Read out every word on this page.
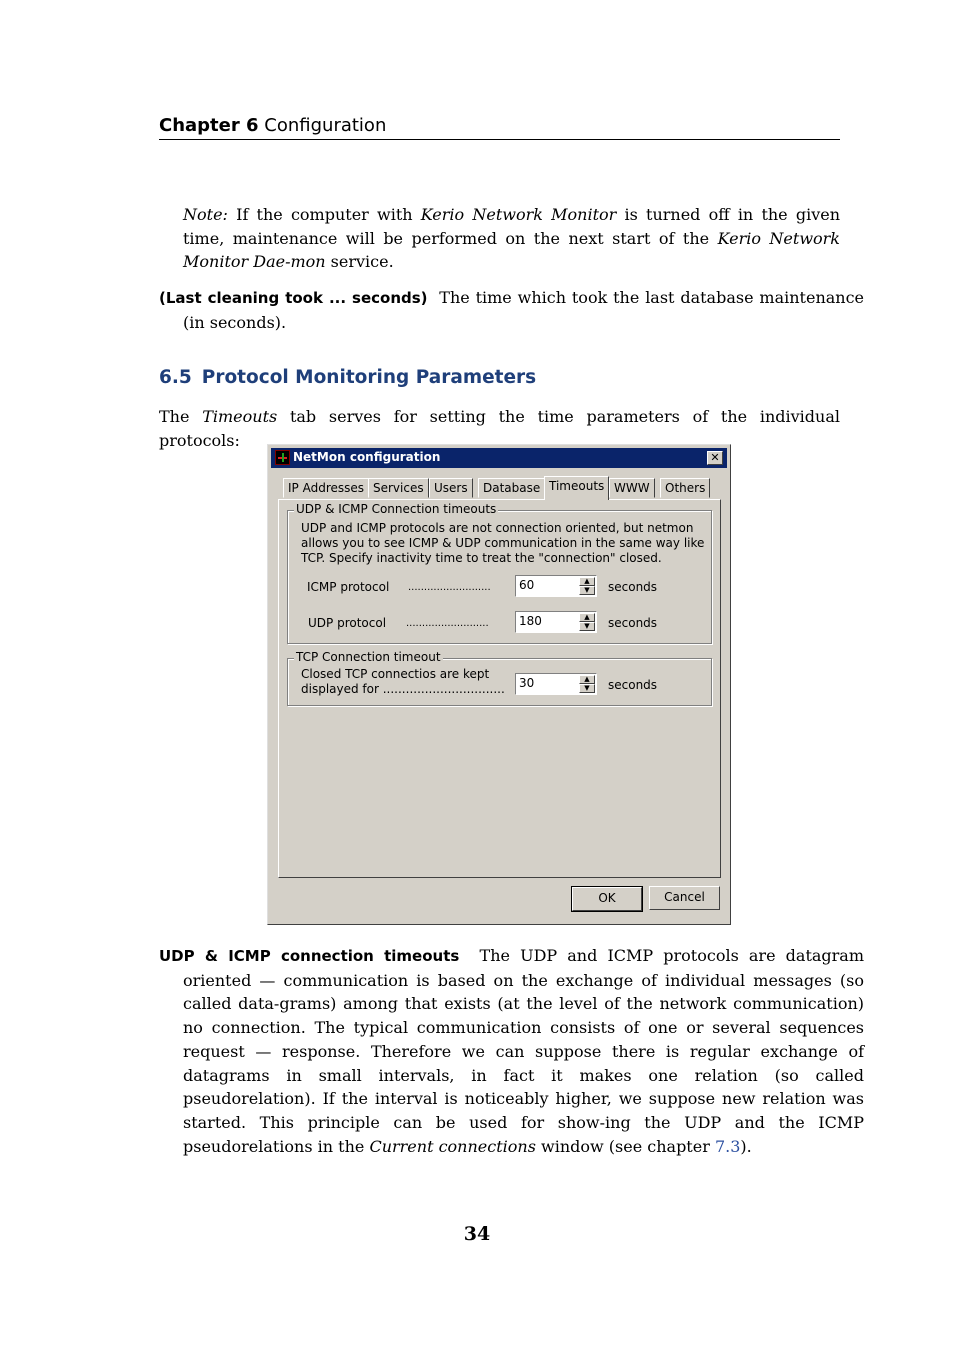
Chapter 6 Configuration
Note: If the computer with Kerio Network Monitor is turned off in the given time, maintenance will be performed on the next start of the Kerio Network Monitor Dae-mon service.
(Last cleaning took ... seconds) The time which took the last database maintenance (in seconds).
6.5 Protocol Monitoring Parameters
The Timeouts tab serves for setting the time parameters of the individual protocols:
NetMon configuration	✕
IP Addresses Services Users	Database Timeouts WWW	Others
UDP & ICMP Connection timeouts
UDP and ICMP protocols are not connection oriented, but netmon
allows you to see ICMP & UDP communication in the same way like
TCP. Specify inactivity time to treat the "connection" closed.
ICMP protocol .......................... 60	▲
▼	seconds
UDP protocol ..........................	180	▲
▼	seconds
TCP Connection timeout
Closed TCP connectios are kept
displayed for ................................ 30	▲
▼	seconds
OK	Cancel
UDP & ICMP connection timeouts The UDP and ICMP protocols are datagram oriented — communication is based on the exchange of individual messages (so called data-grams) among that exists (at the level of the network communication) no connection. The typical communication consists of one or several sequences request — response. Therefore we can suppose there is regular exchange of datagrams in small intervals, in fact it makes one relation (so called pseudorelation). If the interval is noticeably higher, we suppose new relation was started. This principle can be used for show-ing the UDP and the ICMP pseudorelations in the Current connections window (see chapter 7.3).
34
